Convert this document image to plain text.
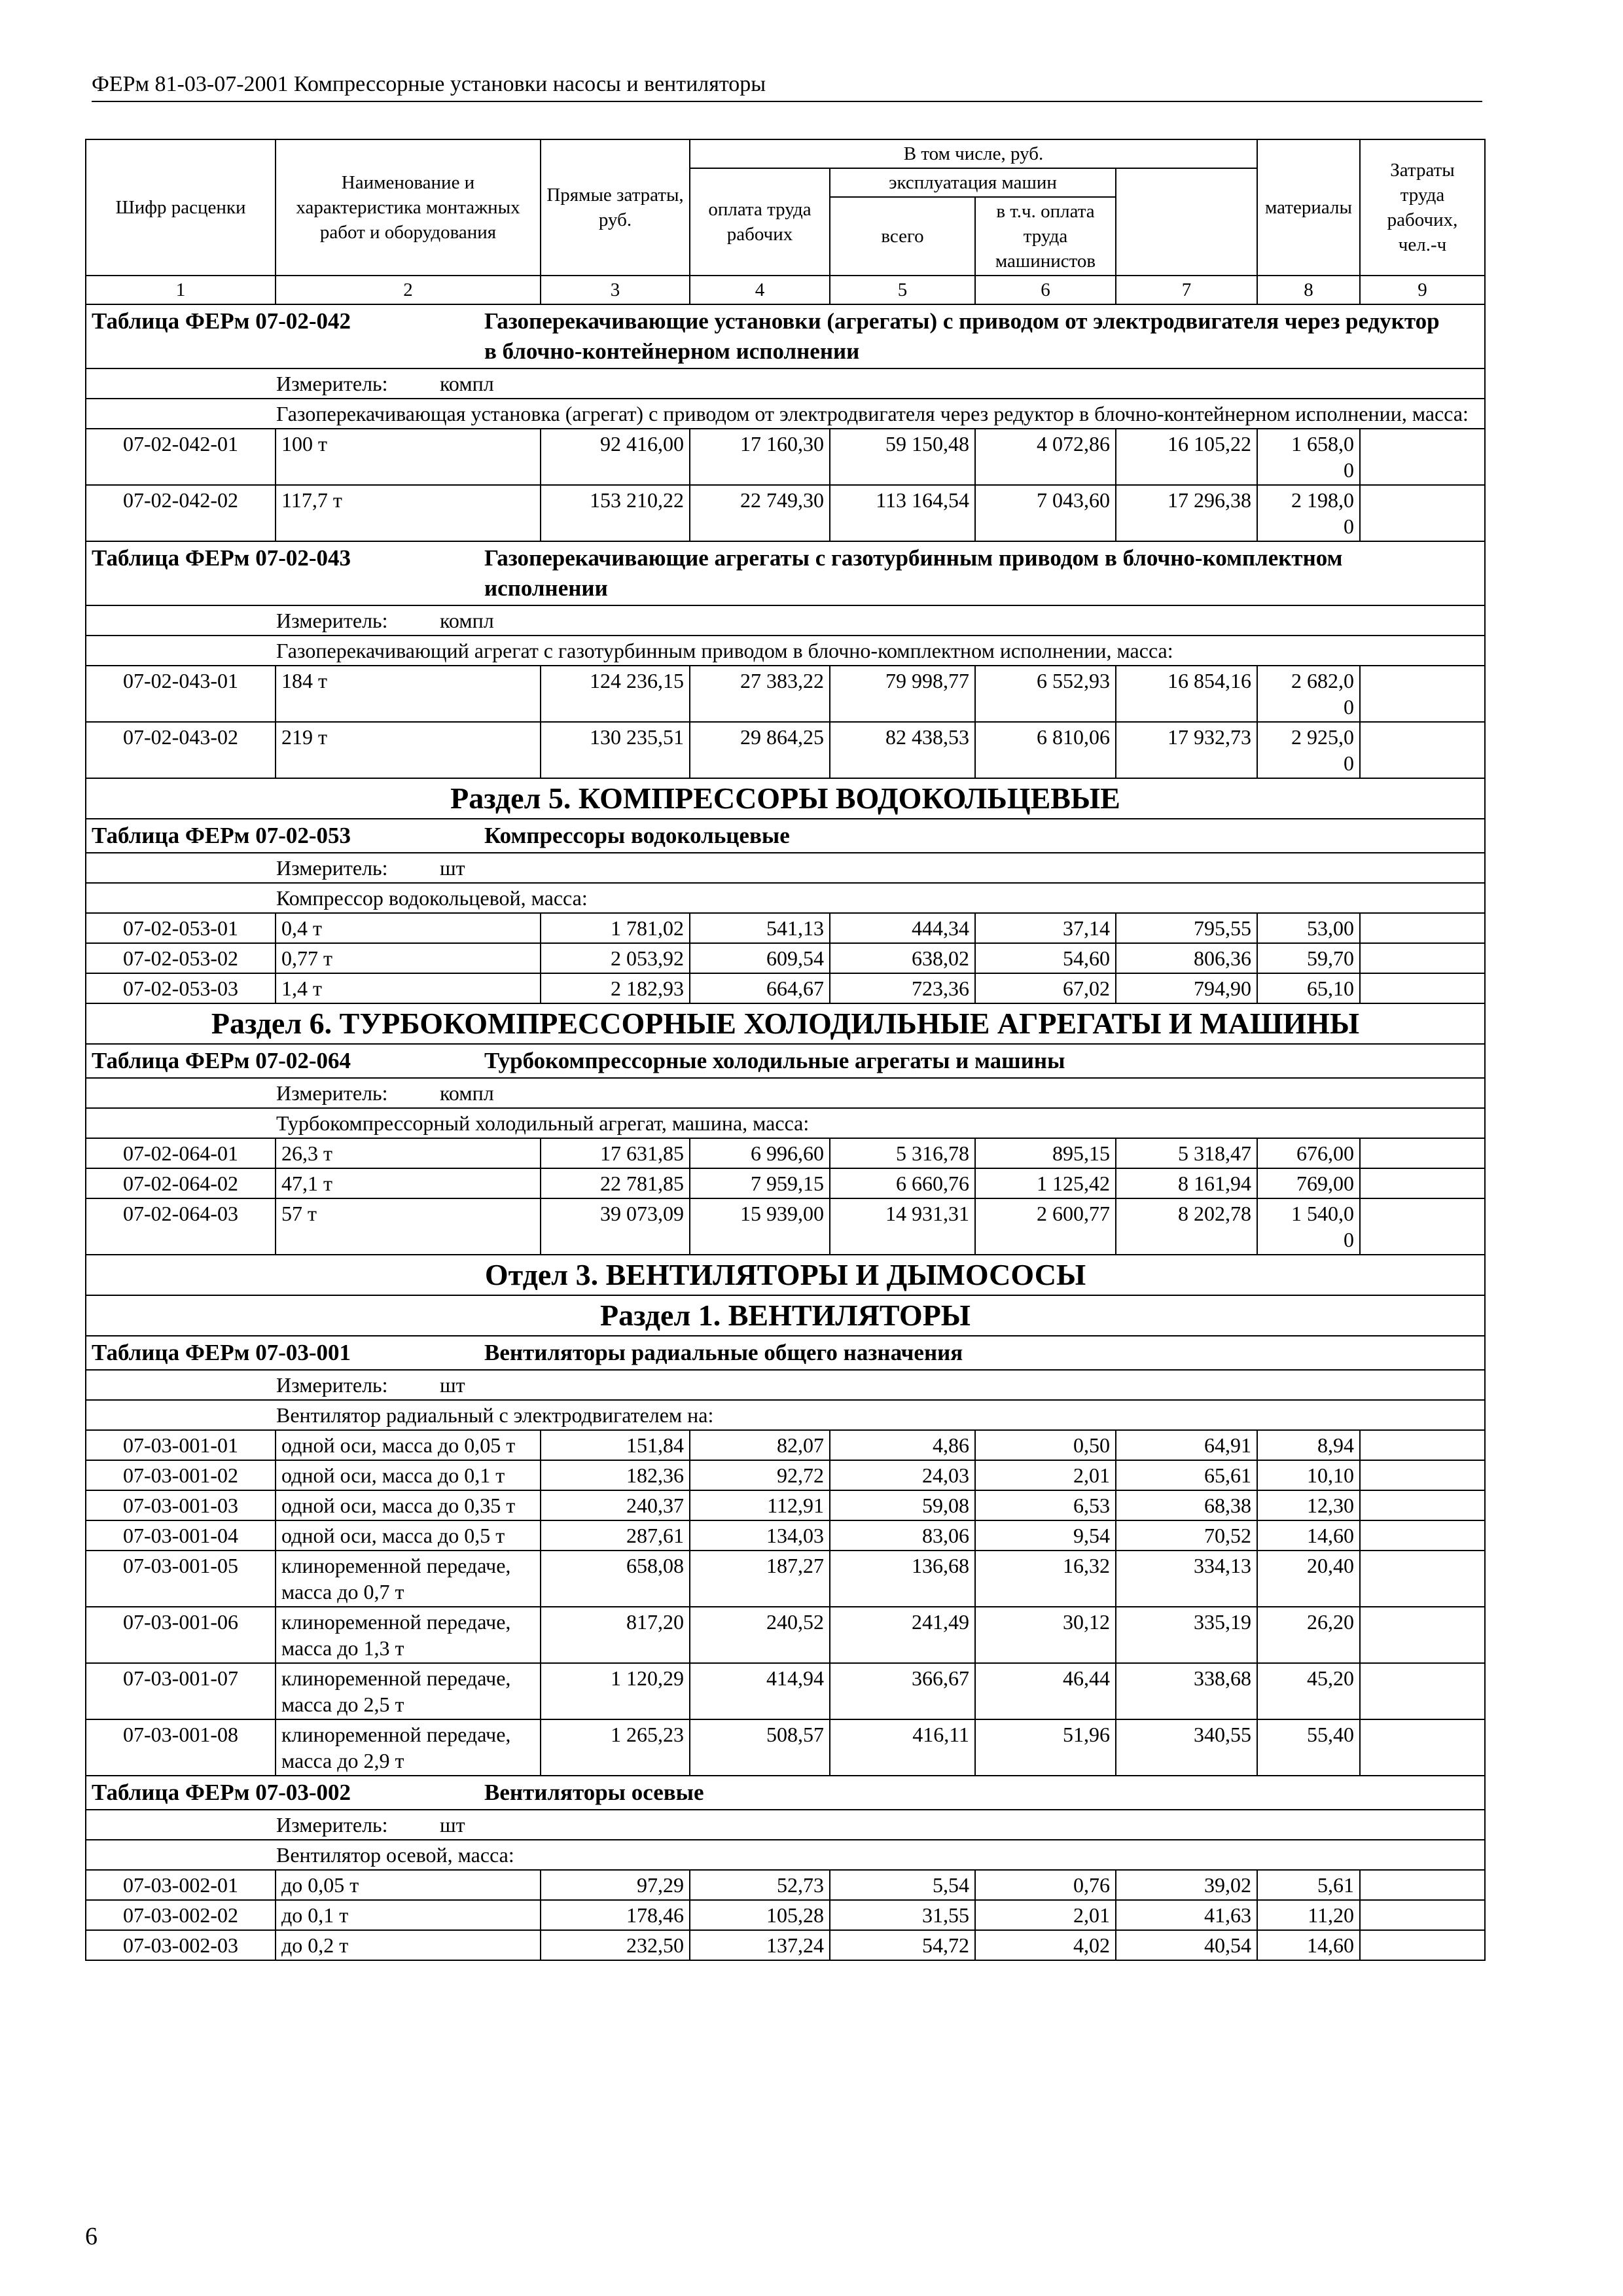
ФЕРм 81-03-07-2001 Компрессорные установки насосы и вентиляторы
Шифр расценки	Наименование и характеристика монтажных работ и оборудования	Прямые затраты, руб.	В том числе, руб.				материалы	Затраты труда рабочих, чел.-ч	
			оплата труда рабочих	эксплуатация машин					
				всего	в т.ч. оплата труда машинистов				
1	2	3	4	5	6	7	8	9	
Таблица ФЕРм 07-02-042 Газоперекачивающие установки (агрегаты) с приводом от электродвигателя через редуктор в блочно-контейнерном исполнении									
Измеритель: компл									
Газоперекачивающая установка (агрегат) с приводом от электродвигателя через редуктор в блочно-контейнерном исполнении, масса:									
07-02-042-01	100 т	92 416,00	17 160,30	59 150,48	4 072,86	16 105,22	1 658,0
0		
07-02-042-02	117,7 т	153 210,22	22 749,30	113 164,54	7 043,60	17 296,38	2 198,0
0		
Таблица ФЕРм 07-02-043 Газоперекачивающие агрегаты с газотурбинным приводом в блочно-комплектном исполнении									
Измеритель: компл									
Газоперекачивающий агрегат с газотурбинным приводом в блочно-комплектном исполнении, масса:									
07-02-043-01	184 т	124 236,15	27 383,22	79 998,77	6 552,93	16 854,16	2 682,0
0		
07-02-043-02	219 т	130 235,51	29 864,25	82 438,53	6 810,06	17 932,73	2 925,0
0		
Раздел 5. КОМПРЕССОРЫ ВОДОКОЛЬЦЕВЫЕ									
Таблица ФЕРм 07-02-053 Компрессоры водокольцевые									
Измеритель: шт									
Компрессор водокольцевой, масса:									
07-02-053-01	0,4 т	1 781,02	541,13	444,34	37,14	795,55	53,00		
07-02-053-02	0,77 т	2 053,92	609,54	638,02	54,60	806,36	59,70		
07-02-053-03	1,4 т	2 182,93	664,67	723,36	67,02	794,90	65,10		
Раздел 6. ТУРБОКОМПРЕССОРНЫЕ ХОЛОДИЛЬНЫЕ АГРЕГАТЫ И МАШИНЫ									
Таблица ФЕРм 07-02-064 Турбокомпрессорные холодильные агрегаты и машины									
Измеритель: компл									
Турбокомпрессорный холодильный агрегат, машина, масса:									
07-02-064-01	26,3 т	17 631,85	6 996,60	5 316,78	895,15	5 318,47	676,00		
07-02-064-02	47,1 т	22 781,85	7 959,15	6 660,76	1 125,42	8 161,94	769,00		
07-02-064-03	57 т	39 073,09	15 939,00	14 931,31	2 600,77	8 202,78	1 540,0
0		
Отдел 3. ВЕНТИЛЯТОРЫ И ДЫМОСОСЫ									
Раздел 1. ВЕНТИЛЯТОРЫ									
Таблица ФЕРм 07-03-001 Вентиляторы радиальные общего назначения									
Измеритель: шт									
Вентилятор радиальный с электродвигателем на:									
07-03-001-01	одной оси, масса до 0,05 т	151,84	82,07	4,86	0,50	64,91	8,94		
07-03-001-02	одной оси, масса до 0,1 т	182,36	92,72	24,03	2,01	65,61	10,10		
07-03-001-03	одной оси, масса до 0,35 т	240,37	112,91	59,08	6,53	68,38	12,30		
07-03-001-04	одной оси, масса до 0,5 т	287,61	134,03	83,06	9,54	70,52	14,60		
07-03-001-05	клиноременной передаче, масса до 0,7 т	658,08	187,27	136,68	16,32	334,13	20,40		
07-03-001-06	клиноременной передаче, масса до 1,3 т	817,20	240,52	241,49	30,12	335,19	26,20		
07-03-001-07	клиноременной передаче, масса до 2,5 т	1 120,29	414,94	366,67	46,44	338,68	45,20		
07-03-001-08	клиноременной передаче, масса до 2,9 т	1 265,23	508,57	416,11	51,96	340,55	55,40		
Таблица ФЕРм 07-03-002 Вентиляторы осевые									
Измеритель: шт									
Вентилятор осевой, масса:									
07-03-002-01	до 0,05 т	97,29	52,73	5,54	0,76	39,02	5,61		
07-03-002-02	до 0,1 т	178,46	105,28	31,55	2,01	41,63	11,20		
07-03-002-03	до 0,2 т	232,50	137,24	54,72	4,02	40,54	14,60		
6
